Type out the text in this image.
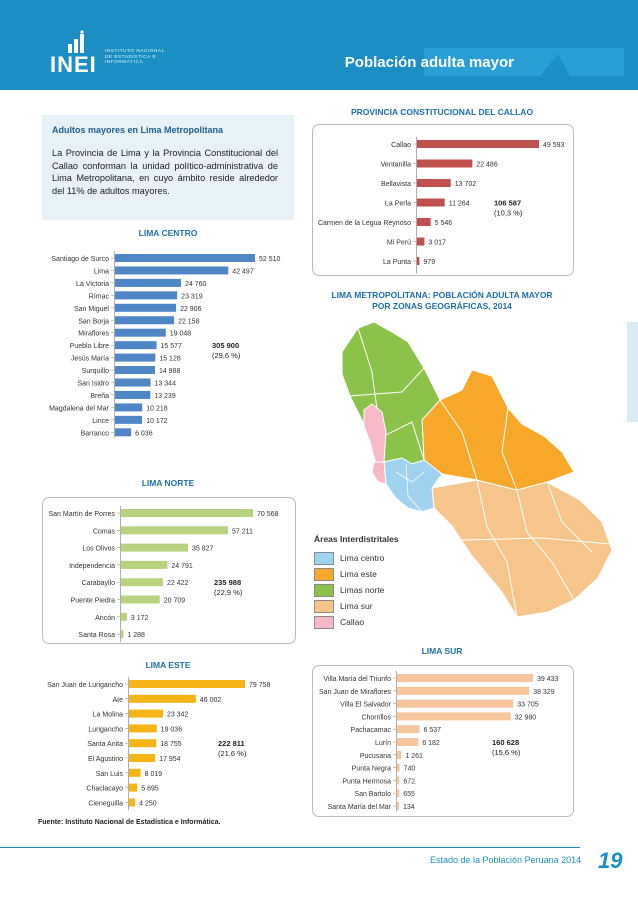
INEI
INSTITUTO NACIONAL DE ESTADÍSTICA E INFORMÁTICA	Población adulta mayor
Adultos mayores en Lima Metropolitana
La Provincia de Lima y la Provincia Constitucional del Callao conforman la unidad político-administrativa de Lima Metropolitana, en cuyo ámbito reside alrededor del 11% de adultos mayores.
PROVINCIA CONSTITUCIONAL DEL CALLAO
LIMA CENTRO
LIMA NORTE
LIMA ESTE
LIMA SUR
LIMA METROPOLITANA: POBLACIÓN ADULTA MAYOR
POR ZONAS GEOGRÁFICAS, 2014
Callao	49 593
Ventanilla	22 486
Bellavista	13 702
La Perla	11 264
Carmen de la Legua Reynoso	5 546
Mi Perú 3 017
La Punta 979
106 587
(10,3 %)
Santiago de Surco	52 510
Lima	42 497
La Victoria	24 760
Rímac	23 319
San Miguel	22 906
San Borja	22 158
Miraflores	19 048
Pueblo Libre	15 577
Jesús María	15 128
Surquillo	14 988
San Isidro	13 344
Breña	13 239
Magdalena del Mar	10 218
Lince	10 172
Barranco	6 036
305 900
(29,6 %)
San Martín de Porres	70 568
Comas	57 211
Los Olivos	35 827
Independencia	24 791
Carabayllo	22 422
Puente Piedra	20 709
Ancón 3 172
Santa Rosa 1 288
235 988
(22,9 %)
San Juan de Lurigancho	79 758
Ate	46 002
La Molina	23 342
Lurigancho	19 036
Santa Anita	18 755
El Agustino	17 954
San Luis	8 019
Chaclacayo	5 695
Cieneguilla 4 250
222 811
(21,6 %)
Villa María del Triunfo	39 433
San Juan de Miraflores	38 329
Villa El Salvador	33 705
Chorrillos	32 980
Pachacamac	6 537
Lurín	6 182
Pucusana 1 261
Punta Negra 740
Punta Hermosa 672
San Bartolo 655
Santa María del Mar 134
160 628
(15,6 %)
Áreas Interdistritales
Lima centro
Lima este
Limas norte
Lima sur
Callao
Fuente: Instituto Nacional de Estadística e Informática.
Estado de la Población Peruana 2014 19
